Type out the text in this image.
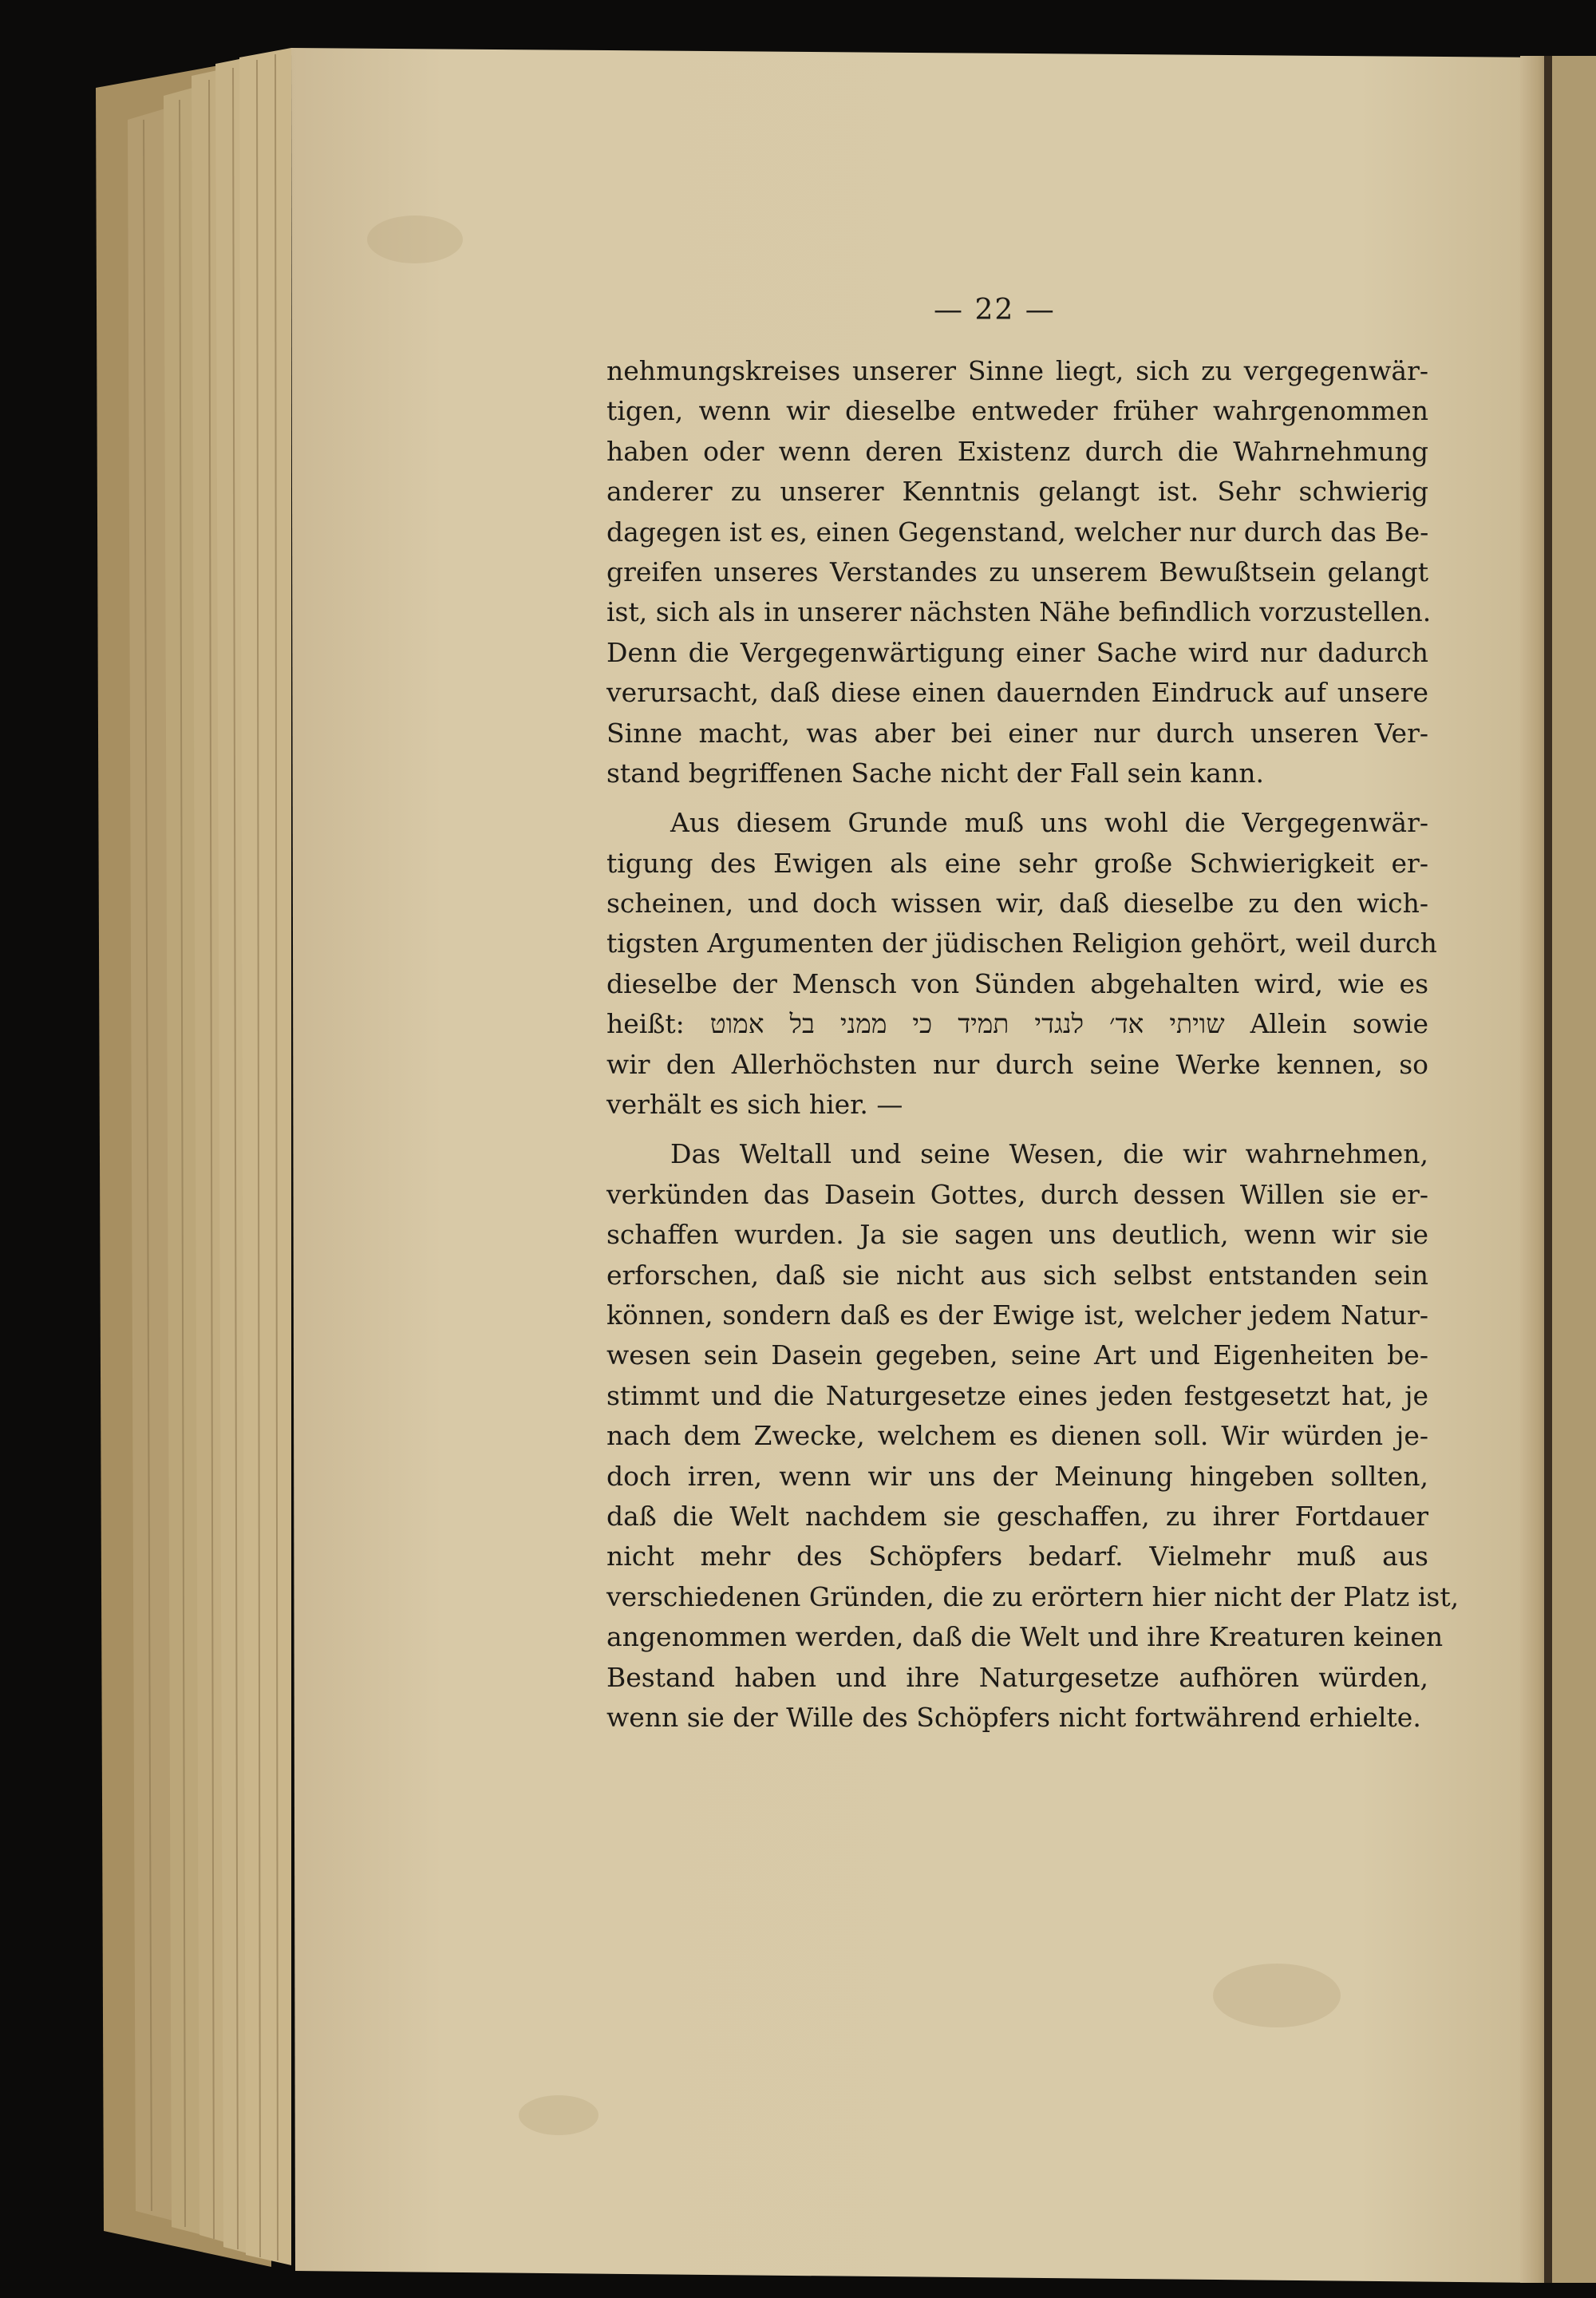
— 22 —
nehmungskreises unserer Sinne liegt, sich zu vergegenwär-
tigen, wenn wir dieselbe entweder früher wahrgenommen
haben oder wenn deren Existenz durch die Wahrnehmung
anderer zu unserer Kenntnis gelangt ist. Sehr schwierig
dagegen ist es, einen Gegenstand, welcher nur durch das Be-
greifen unseres Verstandes zu unserem Bewußtsein gelangt
ist, sich als in unserer nächsten Nähe befindlich vorzustellen.
Denn die Vergegenwärtigung einer Sache wird nur dadurch
verursacht, daß diese einen dauernden Eindruck auf unsere
Sinne macht, was aber bei einer nur durch unseren Ver-
stand begriffenen Sache nicht der Fall sein kann.
Aus diesem Grunde muß uns wohl die Vergegenwär-
tigung des Ewigen als eine sehr große Schwierigkeit er-
scheinen, und doch wissen wir, daß dieselbe zu den wich-
tigsten Argumenten der jüdischen Religion gehört, weil durch
dieselbe der Mensch von Sünden abgehalten wird, wie es
heißt: שויתי אד׳ לנגדי תמיד כי ממני בל אמוט Allein sowie
wir den Allerhöchsten nur durch seine Werke kennen, so
verhält es sich hier. —
Das Weltall und seine Wesen, die wir wahrnehmen,
verkünden das Dasein Gottes, durch dessen Willen sie er-
schaffen wurden. Ja sie sagen uns deutlich, wenn wir sie
erforschen, daß sie nicht aus sich selbst entstanden sein
können, sondern daß es der Ewige ist, welcher jedem Natur-
wesen sein Dasein gegeben, seine Art und Eigenheiten be-
stimmt und die Naturgesetze eines jeden festgesetzt hat, je
nach dem Zwecke, welchem es dienen soll. Wir würden je-
doch irren, wenn wir uns der Meinung hingeben sollten,
daß die Welt nachdem sie geschaffen, zu ihrer Fortdauer
nicht mehr des Schöpfers bedarf. Vielmehr muß aus
verschiedenen Gründen, die zu erörtern hier nicht der Platz ist,
angenommen werden, daß die Welt und ihre Kreaturen keinen
Bestand haben und ihre Naturgesetze aufhören würden,
wenn sie der Wille des Schöpfers nicht fortwährend erhielte.
